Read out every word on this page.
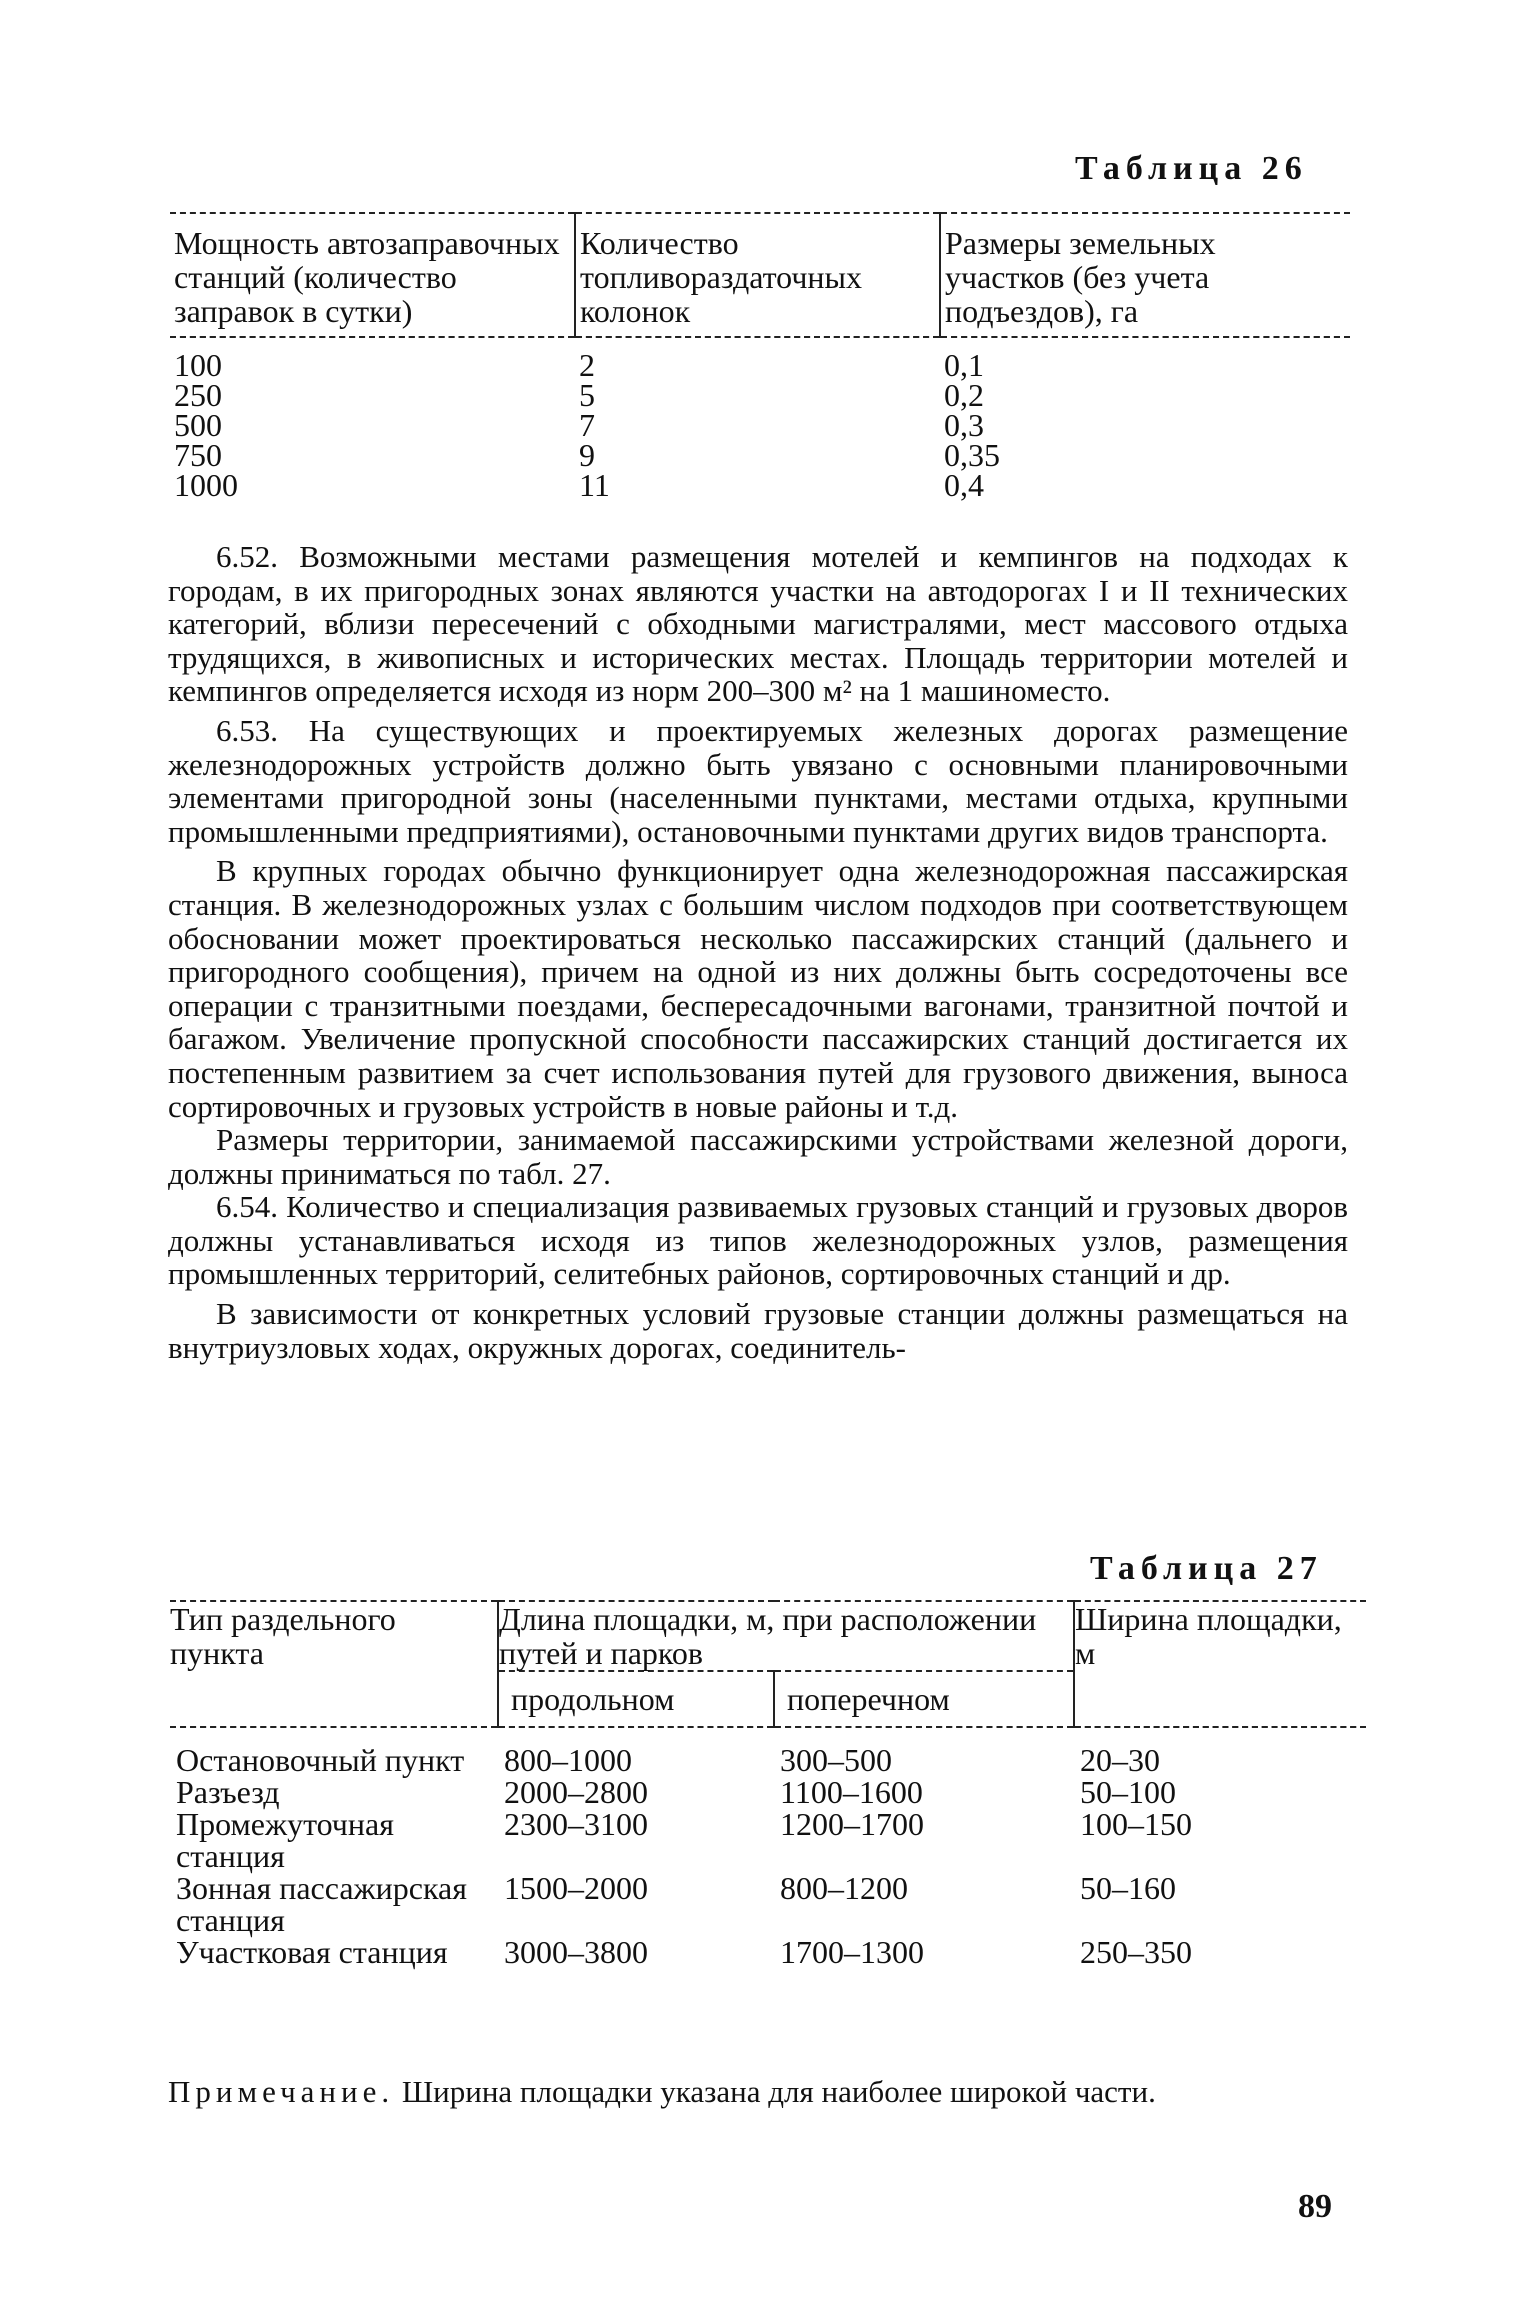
Таблица 26
Мощность автозаправочных станций (количество заправок в сутки)	Количество топливораздаточных колонок	Размеры земельных участков (без учета подъездов), га
100	2	0,1
250	5	0,2
500	7	0,3
750	9	0,35
1000	11	0,4

6.52. Возможными местами размещения мотелей и кемпингов на подходах к городам, в их пригородных зонах являются участки на автодорогах I и II технических категорий, вблизи пересечений с обходными магистралями, мест массового отдыха трудящихся, в живописных и исторических местах. Площадь территории мотелей и кемпингов определяется исходя из норм 200–300 м² на 1 машиноместо.

6.53. На существующих и проектируемых железных дорогах размещение железнодорожных устройств должно быть увязано с основными планировочными элементами пригородной зоны (населенными пунктами, местами отдыха, крупными промышленными предприятиями), остановочными пунктами других видов транспорта.

В крупных городах обычно функционирует одна железнодорожная пассажирская станция. В железнодорожных узлах с большим числом подходов при соответствующем обосновании может проектироваться несколько пассажирских станций (дальнего и пригородного сообщения), причем на одной из них должны быть сосредоточены все операции с транзитными поездами, беспересадочными вагонами, транзитной почтой и багажом. Увеличение пропускной способности пассажирских станций достигается их постепенным развитием за счет использования путей для грузового движения, выноса сортировочных и грузовых устройств в новые районы и т.д.

Размеры территории, занимаемой пассажирскими устройствами железной дороги, должны приниматься по табл. 27.

6.54. Количество и специализация развиваемых грузовых станций и грузовых дворов должны устанавливаться исходя из типов железнодорожных узлов, размещения промышленных территорий, селитебных районов, сортировочных станций и др.

В зависимости от конкретных условий грузовые станции должны размещаться на внутриузловых ходах, окружных дорогах, соединитель-

Таблица 27
Тип раздельного пункта	Длина площадки, м, при расположении путей и парков		Ширина площадки, м
	продольном	поперечном	
Остановочный пункт	800–1000	300–500	20–30
Разъезд	2000–2800	1100–1600	50–100
Промежуточная станция	2300–3100	1200–1700	100–150
Зонная пассажирская станция	1500–2000	800–1200	50–160
Участковая станция	3000–3800	1700–1300	250–350
Примечание. Ширина площадки указана для наиболее широкой части.
89
